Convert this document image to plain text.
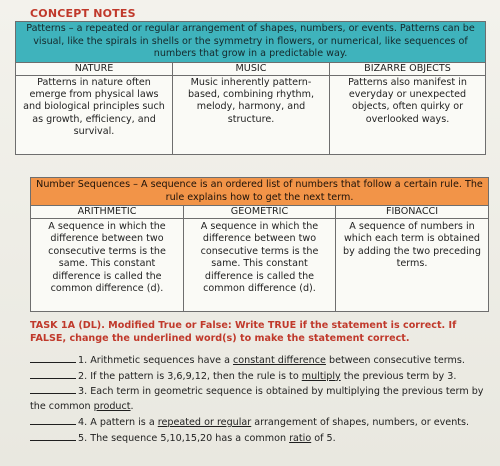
CONCEPT NOTES
Patterns – a repeated or regular arrangement of shapes, numbers, or events. Patterns can be visual, like the spirals in shells or the symmetry in flowers, or numerical, like sequences of numbers that grow in a predictable way.		
NATURE	MUSIC	BIZARRE OBJECTS
Patterns in nature often emerge from physical laws and biological principles such as growth, efficiency, and survival.	Music inherently pattern-based, combining rhythm, melody, harmony, and structure.	Patterns also manifest in everyday or unexpected objects, often quirky or overlooked ways.
Number Sequences – A sequence is an ordered list of numbers that follow a certain rule. The rule explains how to get the next term.		
ARITHMETIC	GEOMETRIC	FIBONACCI
A sequence in which the difference between two consecutive terms is the same. This constant difference is called the common difference (d).	A sequence in which the difference between two consecutive terms is the same. This constant difference is called the common difference (d).	A sequence of numbers in which each term is obtained by adding the two preceding terms.
TASK 1A (DL). Modified True or False: Write TRUE if the statement is correct. If FALSE, change the underlined word(s) to make the statement correct.
1. Arithmetic sequences have a constant difference between consecutive terms.
2. If the pattern is 3,6,9,12, then the rule is to multiply the previous term by 3.
3. Each term in geometric sequence is obtained by multiplying the previous term by
the common product.
4. A pattern is a repeated or regular arrangement of shapes, numbers, or events.
5. The sequence 5,10,15,20 has a common ratio of 5.
